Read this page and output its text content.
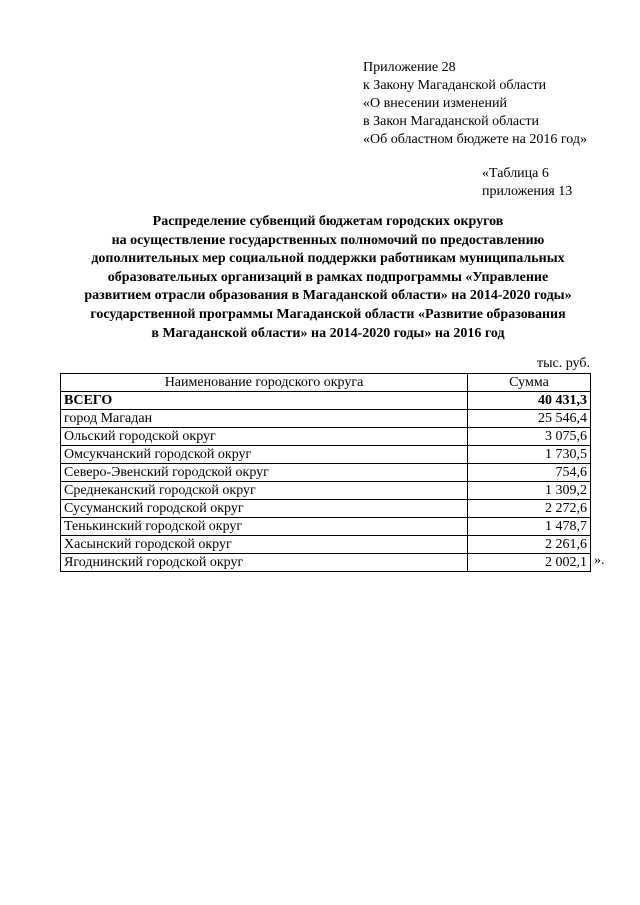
Приложение 28
к Закону Магаданской области
«О внесении изменений
в Закон Магаданской области
«Об областном бюджете на 2016 год»
«Таблица 6
приложения 13
Распределение субвенций бюджетам городских округов
на осуществление государственных полномочий по предоставлению
дополнительных мер социальной поддержки работникам муниципальных
образовательных организаций в рамках подпрограммы «Управление
развитием отрасли образования в Магаданской области» на 2014-2020 годы»
государственной программы Магаданской области «Развитие образования
в Магаданской области» на 2014-2020 годы» на 2016 год
тыс. руб.
Наименование городского округа	Сумма
ВСЕГО	40 431,3
город Магадан	25 546,4
Ольский городской округ	3 075,6
Омсукчанский городской округ	1 730,5
Северо-Эвенский городской округ	754,6
Среднеканский городской округ	1 309,2
Сусуманский городской округ	2 272,6
Тенькинский городской округ	1 478,7
Хасынский городской округ	2 261,6
Ягоднинский городской округ	2 002,1 ».
